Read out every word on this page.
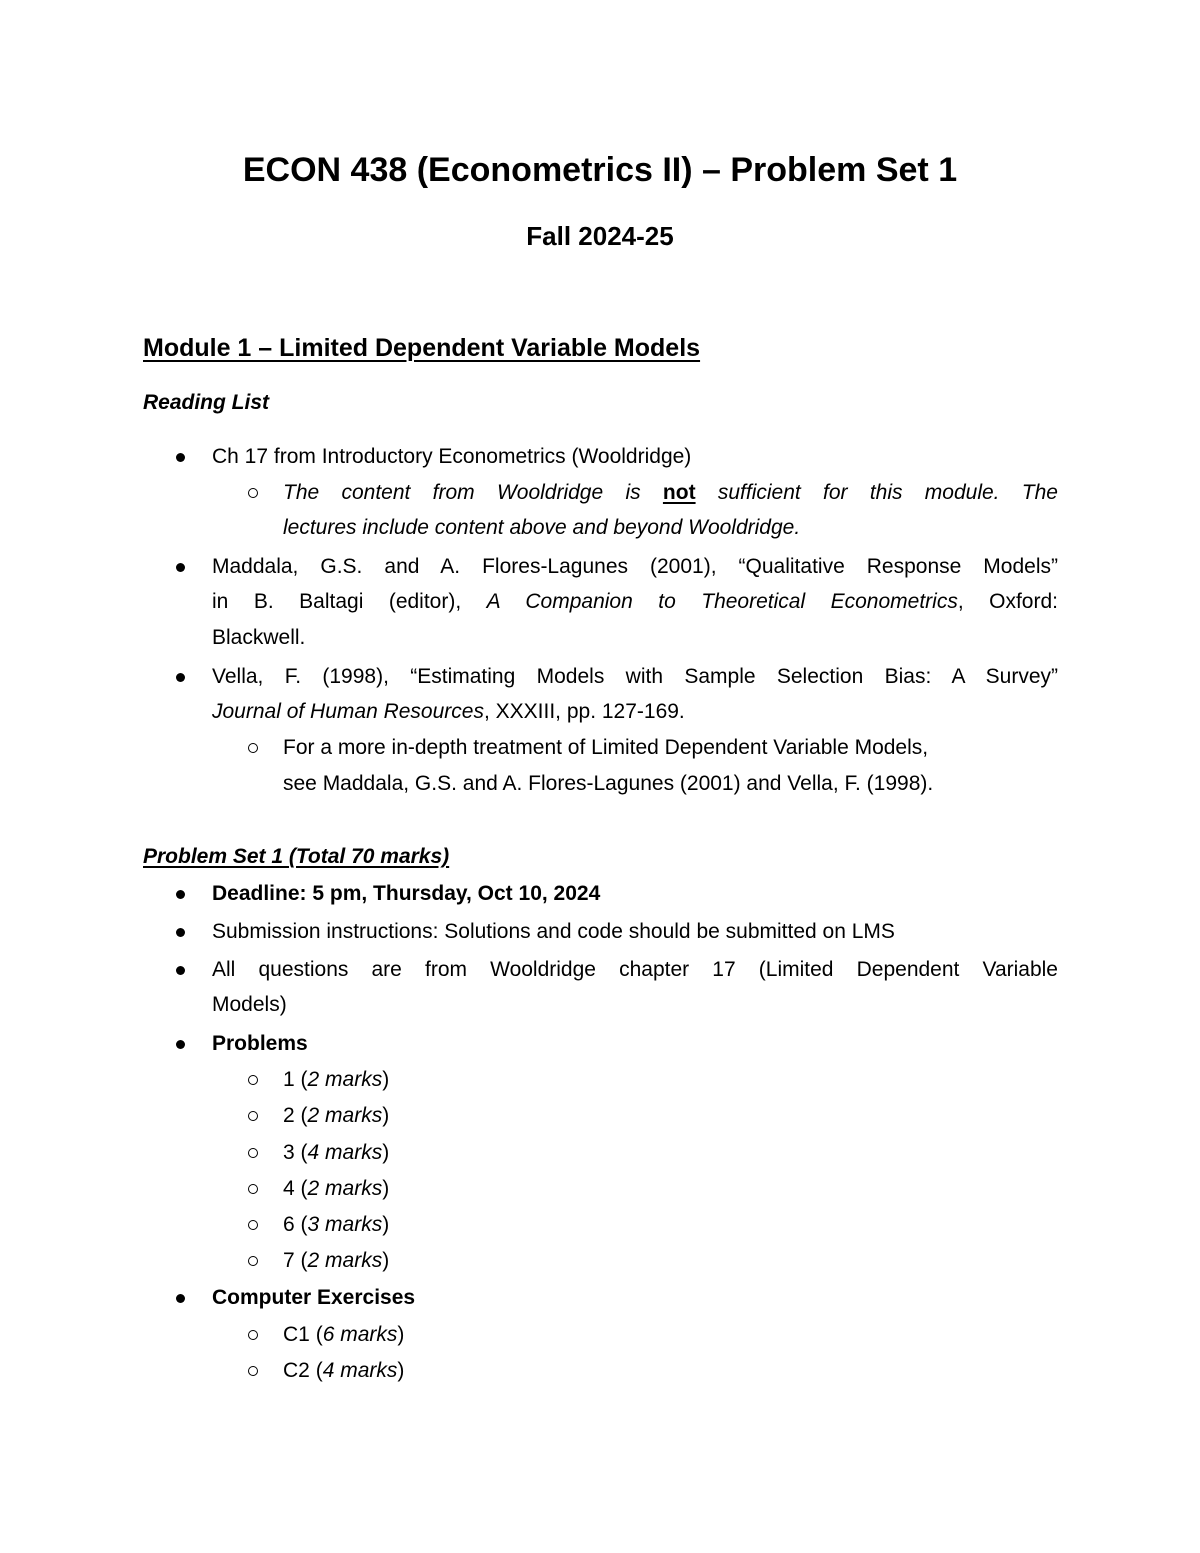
ECON 438 (Econometrics II) – Problem Set 1
Fall 2024-25
Module 1 – Limited Dependent Variable Models
Reading List
Ch 17 from Introductory Econometrics (Wooldridge)
The content from Wooldridge is not sufficient for this module. The
lectures include content above and beyond Wooldridge.
Maddala, G.S. and A. Flores-Lagunes (2001), “Qualitative Response Models”
in B. Baltagi (editor), A Companion to Theoretical Econometrics, Oxford:
Blackwell.
Vella, F. (1998), “Estimating Models with Sample Selection Bias: A Survey”
Journal of Human Resources, XXXIII, pp. 127-169.
For a more in-depth treatment of Limited Dependent Variable Models,
see Maddala, G.S. and A. Flores-Lagunes (2001) and Vella, F. (1998).
Problem Set 1 (Total 70 marks)
Deadline: 5 pm, Thursday, Oct 10, 2024
Submission instructions: Solutions and code should be submitted on LMS
All questions are from Wooldridge chapter 17 (Limited Dependent Variable
Models)
Problems
1 (2 marks)
2 (2 marks)
3 (4 marks)
4 (2 marks)
6 (3 marks)
7 (2 marks)
Computer Exercises
C1 (6 marks)
C2 (4 marks)
